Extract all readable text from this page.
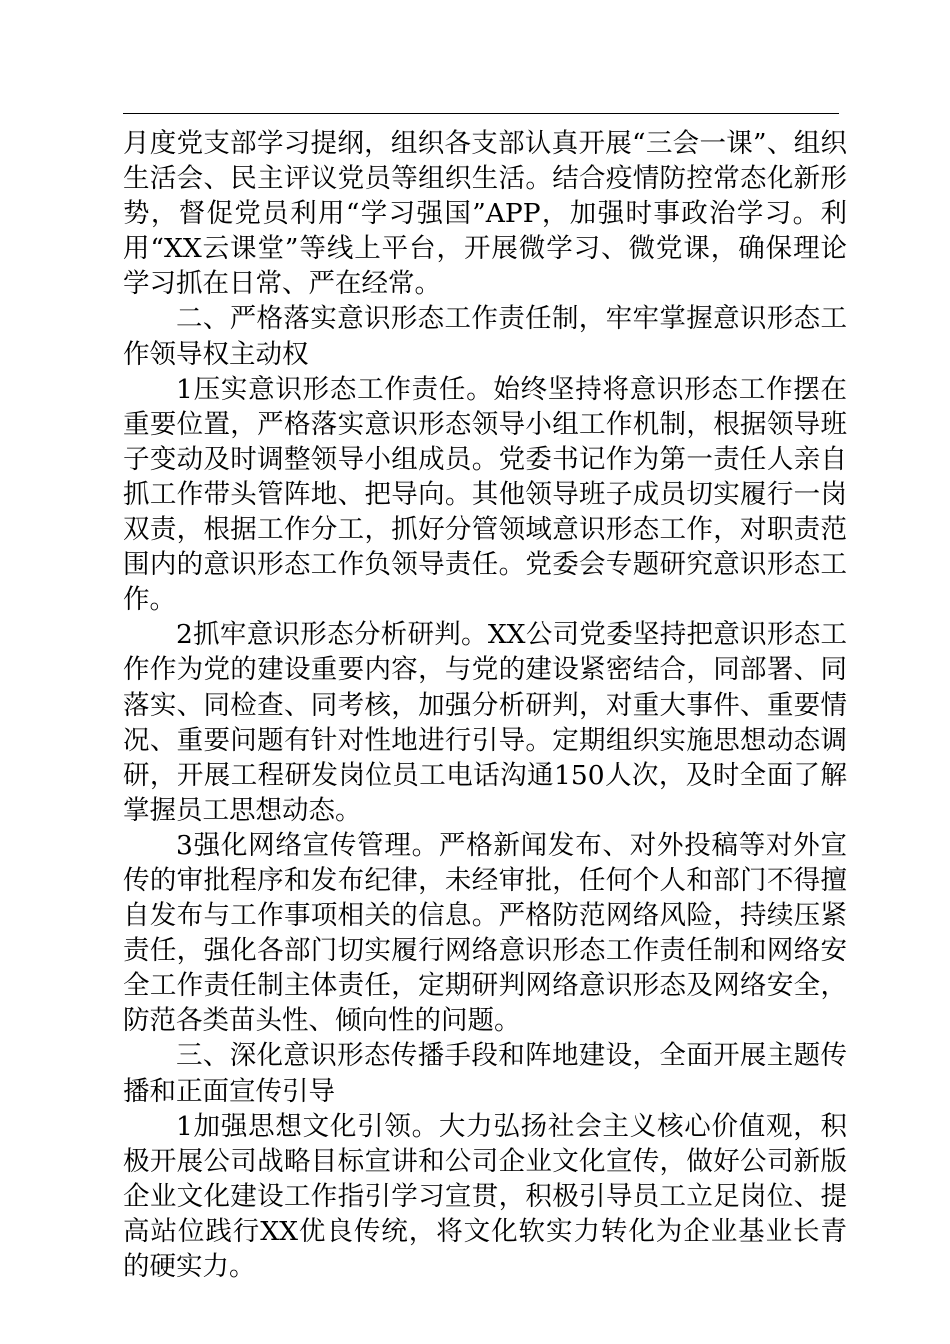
月度党支部学习提纲，组织各支部认真开展“三会一课”、组织生活会、民主评议党员等组织生活。结合疫情防控常态化新形势，督促党员利用“学习强国”APP，加强时事政治学习。利用“XX云课堂”等线上平台，开展微学习、微党课，确保理论学习抓在日常、严在经常。

二、严格落实意识形态工作责任制，牢牢掌握意识形态工作领导权主动权

1压实意识形态工作责任。始终坚持将意识形态工作摆在重要位置，严格落实意识形态领导小组工作机制，根据领导班子变动及时调整领导小组成员。党委书记作为第一责任人亲自抓工作带头管阵地、把导向。其他领导班子成员切实履行一岗双责，根据工作分工，抓好分管领域意识形态工作，对职责范围内的意识形态工作负领导责任。党委会专题研究意识形态工作。

2抓牢意识形态分析研判。XX公司党委坚持把意识形态工作作为党的建设重要内容，与党的建设紧密结合，同部署、同落实、同检查、同考核，加强分析研判，对重大事件、重要情况、重要问题有针对性地进行引导。定期组织实施思想动态调研，开展工程研发岗位员工电话沟通150人次，及时全面了解掌握员工思想动态。

3强化网络宣传管理。严格新闻发布、对外投稿等对外宣传的审批程序和发布纪律，未经审批，任何个人和部门不得擅自发布与工作事项相关的信息。严格防范网络风险，持续压紧责任，强化各部门切实履行网络意识形态工作责任制和网络安全工作责任制主体责任，定期研判网络意识形态及网络安全，防范各类苗头性、倾向性的问题。

三、深化意识形态传播手段和阵地建设，全面开展主题传播和正面宣传引导

1加强思想文化引领。大力弘扬社会主义核心价值观，积极开展公司战略目标宣讲和公司企业文化宣传，做好公司新版企业文化建设工作指引学习宣贯，积极引导员工立足岗位、提高站位践行XX优良传统，将文化软实力转化为企业基业长青的硬实力。
